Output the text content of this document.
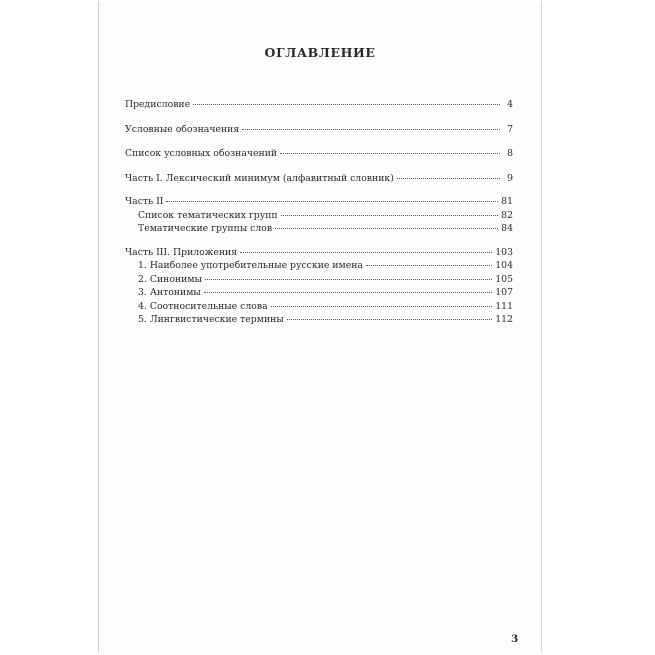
ОГЛАВЛЕНИЕ
Предисловие	4
Условные обозначения	7
Список условных обозначений	8
Часть I. Лексический минимум (алфавитный словник)	9
Часть II	81
Список тематических групп	82
Тематические группы слов	84
Часть III. Приложения	103
1. Наиболее употребительные русские имена	104
2. Синонимы	105
3. Антонимы	107
4. Соотносительные слова	111
5. Лингвистические термины	112
3
